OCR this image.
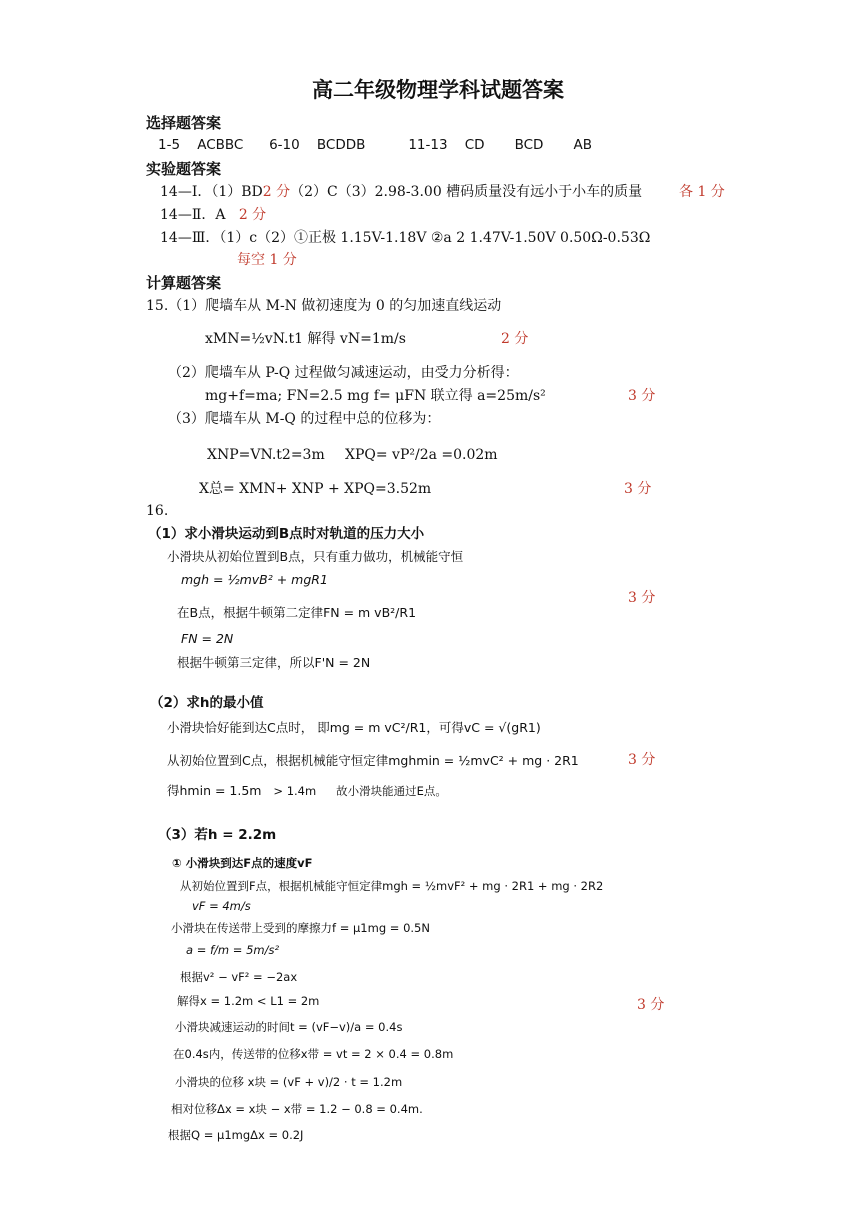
高二年级物理学科试题答案
选择题答案
1-5    ACBBC      6-10    BCDDB          11-13    CD       BCD       AB
实验题答案
14—Ⅰ．（1）BD2 分（2）C（3）2.98-3.00 槽码质量没有远小于小车的质量	各 1 分
14—Ⅱ．A 2 分
14—Ⅲ．（1）c（2）①正极 1.15V-1.18V ②a 2 1.47V-1.50V 0.50Ω-0.53Ω
每空 1 分
计算题答案
15.（1）爬墙车从 M-N 做初速度为 0 的匀加速直线运动
xMN=½vN.t1 解得 vN=1m/s	2 分
（2）爬墙车从 P-Q 过程做匀减速运动，由受力分析得：
mg+f=ma; FN=2.5 mg f= μFN 联立得 a=25m/s²	3 分
（3）爬墙车从 M-Q 的过程中总的位移为：
XNP=VN.t2=3m XPQ= vP²/2a =0.02m
X总= XMN+ XNP + XPQ=3.52m	3 分
16.
（1）求小滑块运动到B点时对轨道的压力大小
小滑块从初始位置到B点，只有重力做功，机械能守恒
mgh = ½mvB² + mgR1
在B点，根据牛顿第二定律FN = m vB²/R1
3 分
FN = 2N
根据牛顿第三定律，所以F'N = 2N
（2）求h的最小值
小滑块恰好能到达C点时， 即mg = m vC²/R1，可得vC = √(gR1)
从初始位置到C点，根据机械能守恒定律mghmin = ½mvC² + mg · 2R1	3 分
得hmin = 1.5m > 1.4m 故小滑块能通过E点。
（3）若h = 2.2m
① 小滑块到达F点的速度vF
从初始位置到F点，根据机械能守恒定律mgh = ½mvF² + mg · 2R1 + mg · 2R2
vF = 4m/s
小滑块在传送带上受到的摩擦力f = μ1mg = 0.5N
a = f/m = 5m/s²
根据v² − vF² = −2ax
解得x = 1.2m < L1 = 2m	3 分
小滑块减速运动的时间t = (vF−v)/a = 0.4s
在0.4s内，传送带的位移x带 = vt = 2 × 0.4 = 0.8m
小滑块的位移 x块 = (vF + v)/2 · t = 1.2m
相对位移Δx = x块 − x带 = 1.2 − 0.8 = 0.4m.
根据Q = μ1mgΔx = 0.2J
